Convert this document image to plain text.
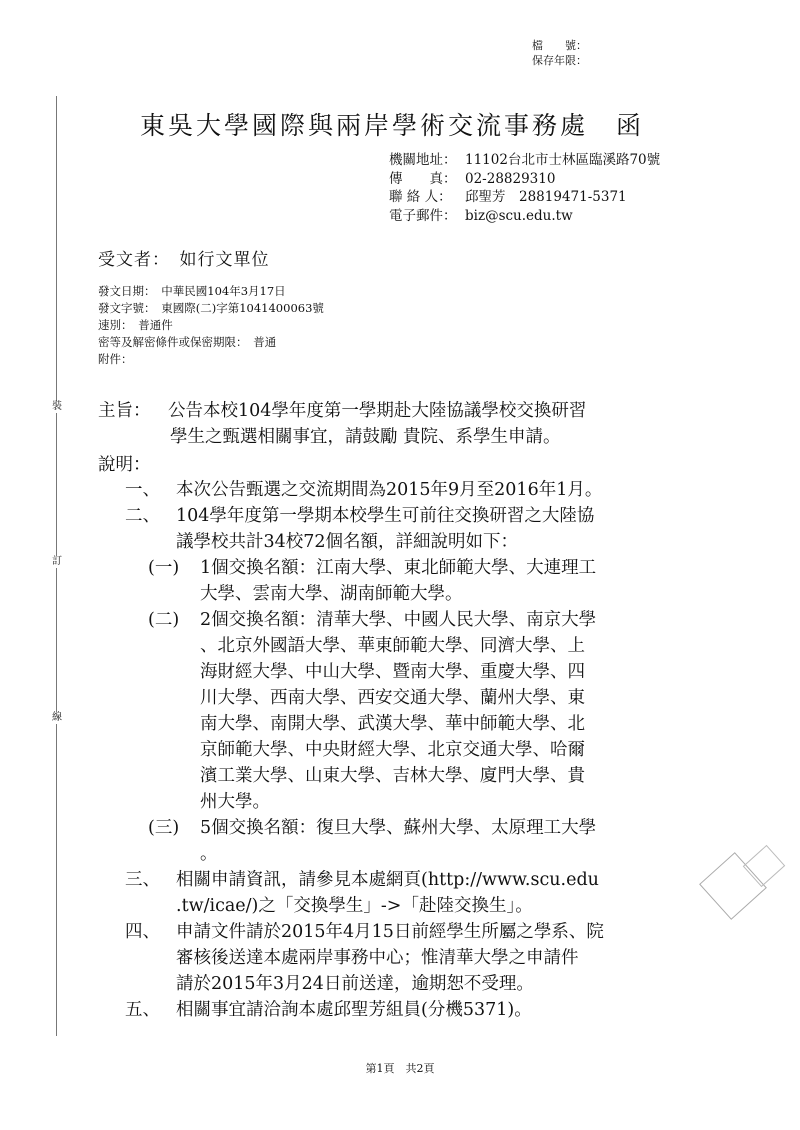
檔　　號：
保存年限：
裝
訂
線
東吳大學國際與兩岸學術交流事務處　函
機關地址： 11102台北市士林區臨溪路70號
傳　　真： 02-28829310
聯 絡 人： 邱聖芳　28819471-5371
電子郵件： biz@scu.edu.tw
受文者：　如行文單位
發文日期：　中華民國104年3月17日
發文字號：　東國際(二)字第1041400063號
速別：　普通件
密等及解密條件或保密期限：　普通
附件：
主旨： 公告本校104學年度第一學期赴大陸協議學校交換研習
學生之甄選相關事宜，請鼓勵 貴院、系學生申請。
說明：
一、 本次公告甄選之交流期間為2015年9月至2016年1月。
二、 104學年度第一學期本校學生可前往交換研習之大陸協
議學校共計34校72個名額，詳細說明如下：
(一) 1個交換名額：江南大學、東北師範大學、大連理工
大學、雲南大學、湖南師範大學。
(二) 2個交換名額：清華大學、中國人民大學、南京大學
、北京外國語大學、華東師範大學、同濟大學、上
海財經大學、中山大學、暨南大學、重慶大學、四
川大學、西南大學、西安交通大學、蘭州大學、東
南大學、南開大學、武漢大學、華中師範大學、北
京師範大學、中央財經大學、北京交通大學、哈爾
濱工業大學、山東大學、吉林大學、廈門大學、貴
州大學。
(三) 5個交換名額：復旦大學、蘇州大學、太原理工大學
。
三、 相關申請資訊，請參見本處網頁(http://www.scu.edu
.tw/icae/)之「交換學生」->「赴陸交換生」。
四、 申請文件請於2015年4月15日前經學生所屬之學系、院
審核後送達本處兩岸事務中心；惟清華大學之申請件
請於2015年3月24日前送達，逾期恕不受理。
五、 相關事宜請洽詢本處邱聖芳組員(分機5371)。
第1頁　共2頁
